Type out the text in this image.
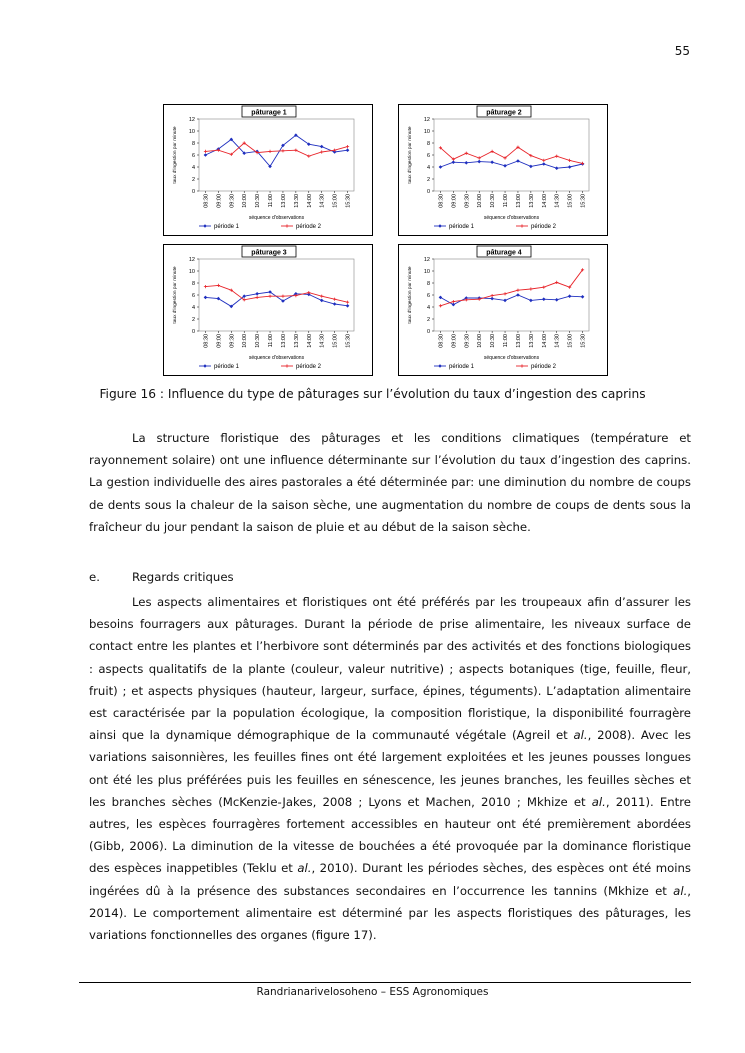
55
pâturage 1
0
2
4
6
8
10
12
taux d'ingestion par minute
08:30 09:00 09:30 10:00 10:30 11:00 13:00 13:30 14:00 14:30 15:00 15:30
séquence d'observations
période 1	période 2
pâturage 2
0
2
4
6
8
10
12
taux d'ingestion par minute
08:30 09:00 09:30 10:00 10:30 11:00 13:00 13:30 14:00 14:30 15:00 15:30
séquence d'observations
période 1	période 2
pâturage 3
0
2
4
6
8
10
12
taux d'ingestion par minute
08:30 09:00 09:30 10:00 10:30 11:00 13:00 13:30 14:00 14:30 15:00 15:30
séquence d'observations
période 1	période 2
pâturage 4
0
2
4
6
8
10
12
taux d'ingestion par minute
08:30 09:00 09:30 10:00 10:30 11:00 13:00 13:30 14:00 14:30 15:00 15:30
séquence d'observations
période 1	période 2
Figure 16 : Influence du type de pâturages sur l’évolution du taux d’ingestion des caprins

La structure floristique des pâturages et les conditions climatiques (température et rayonnement solaire) ont une influence déterminante sur l’évolution du taux d’ingestion des caprins. La gestion individuelle des aires pastorales a été déterminée par: une diminution du nombre de coups de dents sous la chaleur de la saison sèche, une augmentation du nombre de coups de dents sous la fraîcheur du jour pendant la saison de pluie et au début de la saison sèche.

e.	Regards critiques

Les aspects alimentaires et floristiques ont été préférés par les troupeaux afin d’assurer les besoins fourragers aux pâturages. Durant la période de prise alimentaire, les niveaux surface de contact entre les plantes et l’herbivore sont déterminés par des activités et des fonctions biologiques : aspects qualitatifs de la plante (couleur, valeur nutritive) ; aspects botaniques (tige, feuille, fleur, fruit) ; et aspects physiques (hauteur, largeur, surface, épines, téguments). L’adaptation alimentaire est caractérisée par la population écologique, la composition floristique, la disponibilité fourragère ainsi que la dynamique démographique de la communauté végétale (Agreil et al., 2008). Avec les variations saisonnières, les feuilles fines ont été largement exploitées et les jeunes pousses longues ont été les plus préférées puis les feuilles en sénescence, les jeunes branches, les feuilles sèches et les branches sèches (McKenzie-Jakes, 2008 ; Lyons et Machen, 2010 ; Mkhize et al., 2011). Entre autres, les espèces fourragères fortement accessibles en hauteur ont été premièrement abordées (Gibb, 2006). La diminution de la vitesse de bouchées a été provoquée par la dominance floristique des espèces inappetibles (Teklu et al., 2010). Durant les périodes sèches, des espèces ont été moins ingérées dû à la présence des substances secondaires en l’occurrence les tannins (Mkhize et al., 2014). Le comportement alimentaire est déterminé par les aspects floristiques des pâturages, les variations fonctionnelles des organes (figure 17).

Randrianarivelosoheno – ESS Agronomiques
